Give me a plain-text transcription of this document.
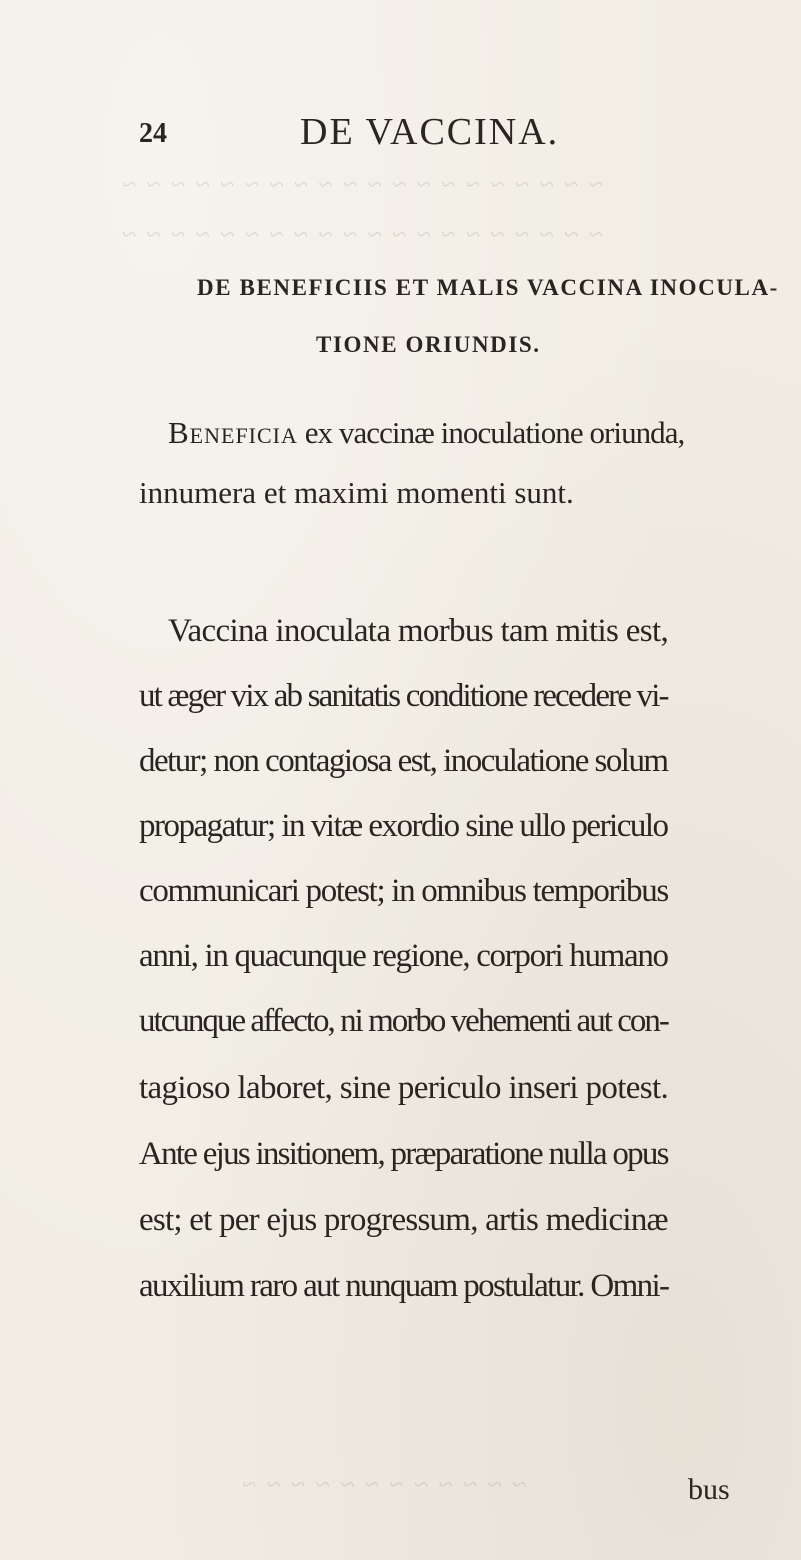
~ ~ ~ ~ ~ ~ ~ ~ ~ ~ ~ ~ ~ ~ ~ ~ ~ ~ ~ ~
~ ~ ~ ~ ~ ~ ~ ~ ~ ~ ~ ~ ~ ~ ~ ~ ~ ~ ~ ~
~ ~ ~ ~ ~ ~ ~ ~ ~ ~ ~ ~
24	DE VACCINA.
DE BENEFICIIS ET MALIS VACCINA INOCULA-
TIONE ORIUNDIS.
Beneficia ex vaccinæ inoculatione oriunda,
innumera et maximi momenti sunt.
Vaccina inoculata morbus tam mitis est,
ut æger vix ab sanitatis conditione recedere vi-
detur; non contagiosa est, inoculatione solum
propagatur; in vitæ exordio sine ullo periculo
communicari potest; in omnibus temporibus
anni, in quacunque regione, corpori humano
utcunque affecto, ni morbo vehementi aut con-
tagioso laboret, sine periculo inseri potest.
Ante ejus insitionem, præparatione nulla opus
est; et per ejus progressum, artis medicinæ
auxilium raro aut nunquam postulatur. Omni-
bus
